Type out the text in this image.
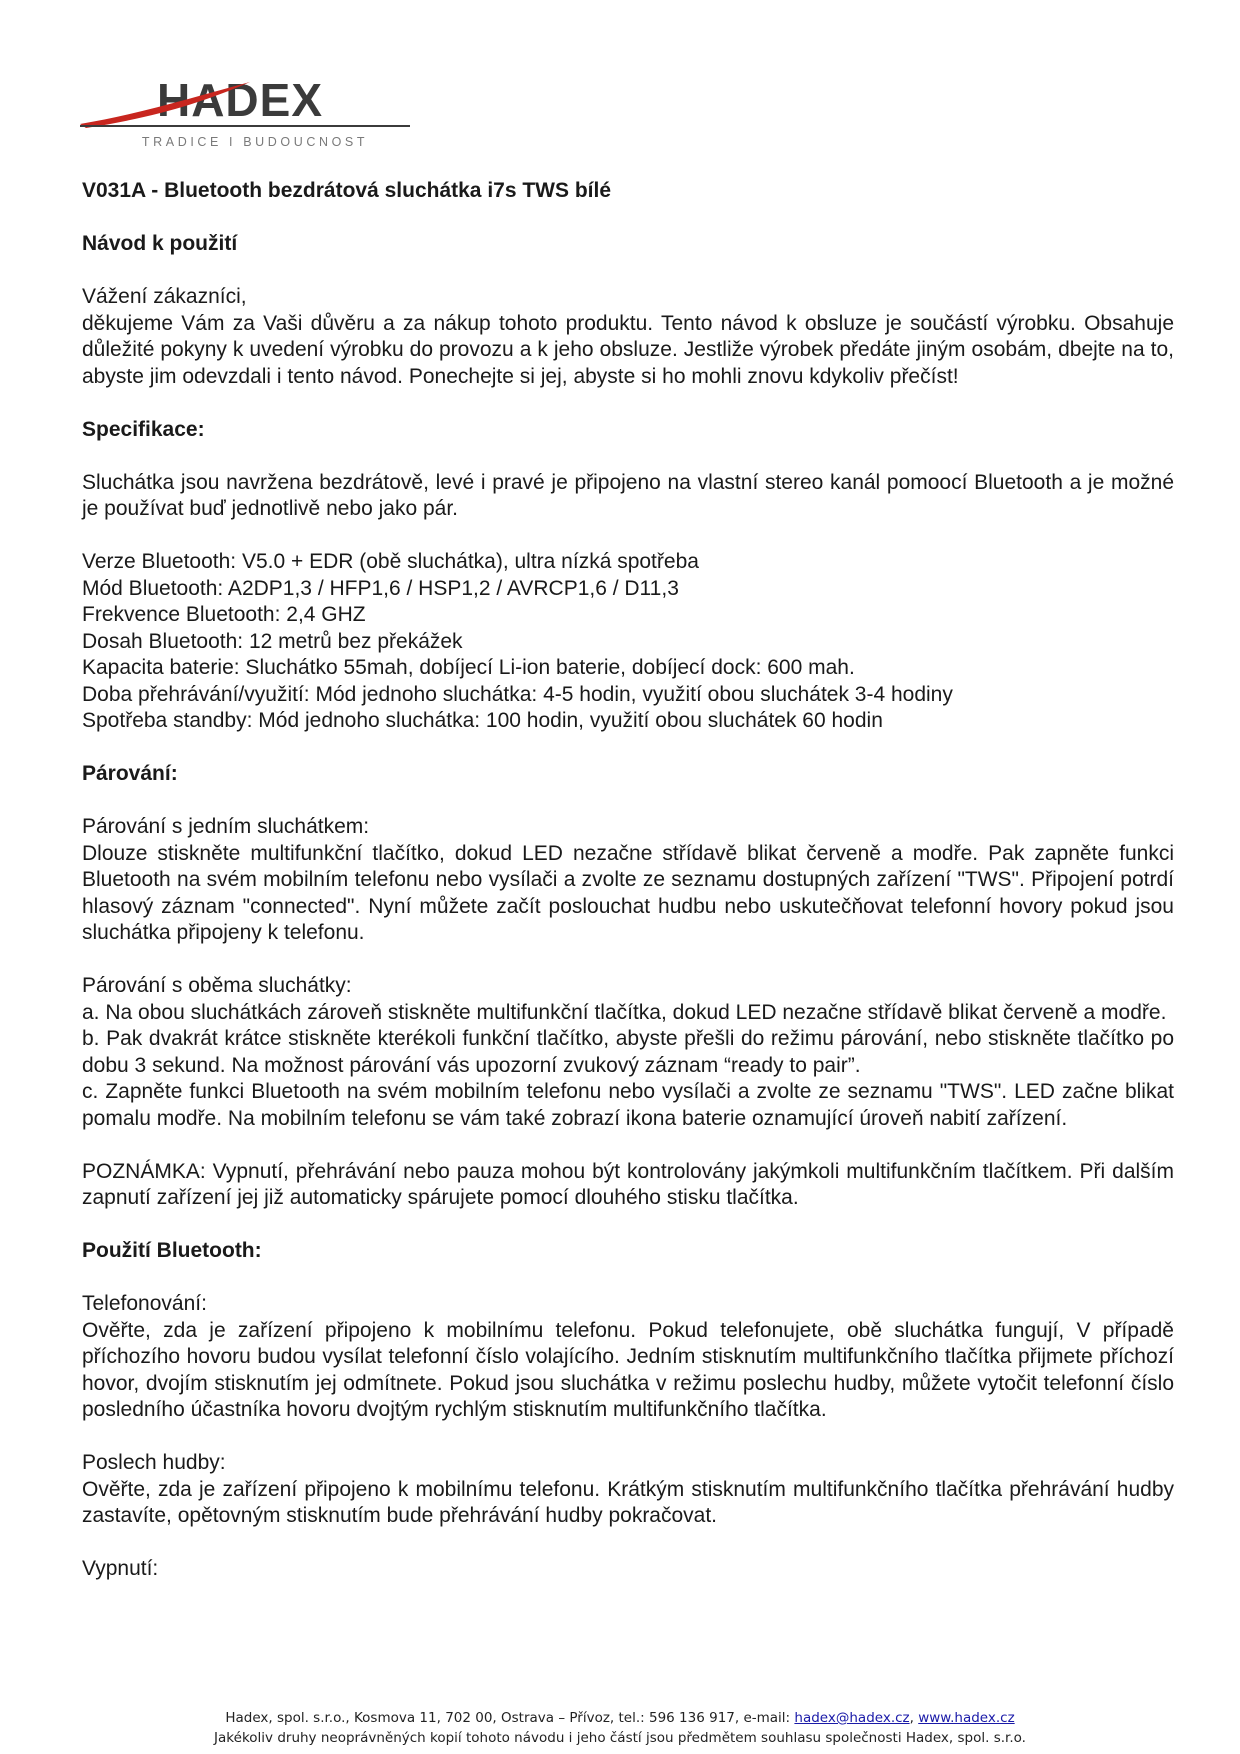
HADEX
TRADICE I BUDOUCNOST

V031A - Bluetooth bezdrátová sluchátka i7s TWS bílé

Návod k použití

Vážení zákazníci,

děkujeme Vám za Vaši důvěru a za nákup tohoto produktu. Tento návod k obsluze je součástí výrobku. Obsahuje důležité pokyny k uvedení výrobku do provozu a k jeho obsluze. Jestliže výrobek předáte jiným osobám, dbejte na to, abyste jim odevzdali i tento návod. Ponechejte si jej, abyste si ho mohli znovu kdykoliv přečíst!

Specifikace:

Sluchátka jsou navržena bezdrátově, levé i pravé je připojeno na vlastní stereo kanál pomoocí Bluetooth a je možné je používat buď jednotlivě nebo jako pár.

Verze Bluetooth: V5.0 + EDR (obě sluchátka), ultra nízká spotřeba

Mód Bluetooth: A2DP1,3 / HFP1,6 / HSP1,2 / AVRCP1,6 / D11,3

Frekvence Bluetooth: 2,4 GHZ

Dosah Bluetooth: 12 metrů bez překážek

Kapacita baterie: Sluchátko 55mah, dobíjecí Li-ion baterie, dobíjecí dock: 600 mah.

Doba přehrávání/využití: Mód jednoho sluchátka: 4-5 hodin, využití obou sluchátek 3-4 hodiny

Spotřeba standby: Mód jednoho sluchátka: 100 hodin, využití obou sluchátek 60 hodin

Párování:

Párování s jedním sluchátkem:

Dlouze stiskněte multifunkční tlačítko, dokud LED nezačne střídavě blikat červeně a modře. Pak zapněte funkci Bluetooth na svém mobilním telefonu nebo vysílači a zvolte ze seznamu dostupných zařízení "TWS". Připojení potrdí hlasový záznam "connected". Nyní můžete začít poslouchat hudbu nebo uskutečňovat telefonní hovory pokud jsou sluchátka připojeny k telefonu.

Párování s oběma sluchátky:

a. Na obou sluchátkách zároveň stiskněte multifunkční tlačítka, dokud LED nezačne střídavě blikat červeně a modře.

b. Pak dvakrát krátce stiskněte kterékoli funkční tlačítko, abyste přešli do režimu párování, nebo stiskněte tlačítko po dobu 3 sekund. Na možnost párování vás upozorní zvukový záznam “ready to pair”.

c. Zapněte funkci Bluetooth na svém mobilním telefonu nebo vysílači a zvolte ze seznamu "TWS". LED začne blikat pomalu modře. Na mobilním telefonu se vám také zobrazí ikona baterie oznamující úroveň nabití zařízení.

POZNÁMKA: Vypnutí, přehrávání nebo pauza mohou být kontrolovány jakýmkoli multifunkčním tlačítkem. Při dalším zapnutí zařízení jej již automaticky spárujete pomocí dlouhého stisku tlačítka.

Použití Bluetooth:

Telefonování:

Ověřte, zda je zařízení připojeno k mobilnímu telefonu. Pokud telefonujete, obě sluchátka fungují, V případě příchozího hovoru budou vysílat telefonní číslo volajícího. Jedním stisknutím multifunkčního tlačítka přijmete příchozí hovor, dvojím stisknutím jej odmítnete. Pokud jsou sluchátka v režimu poslechu hudby, můžete vytočit telefonní číslo posledního účastníka hovoru dvojtým rychlým stisknutím multifunkčního tlačítka.

Poslech hudby:

Ověřte, zda je zařízení připojeno k mobilnímu telefonu. Krátkým stisknutím multifunkčního tlačítka přehrávání hudby zastavíte, opětovným stisknutím bude přehrávání hudby pokračovat.

Vypnutí:

Hadex, spol. s.r.o., Kosmova 11, 702 00, Ostrava – Přívoz, tel.: 596 136 917, e-mail: hadex@hadex.cz, www.hadex.cz
Jakékoliv druhy neoprávněných kopií tohoto návodu i jeho částí jsou předmětem souhlasu společnosti Hadex, spol. s.r.o.
